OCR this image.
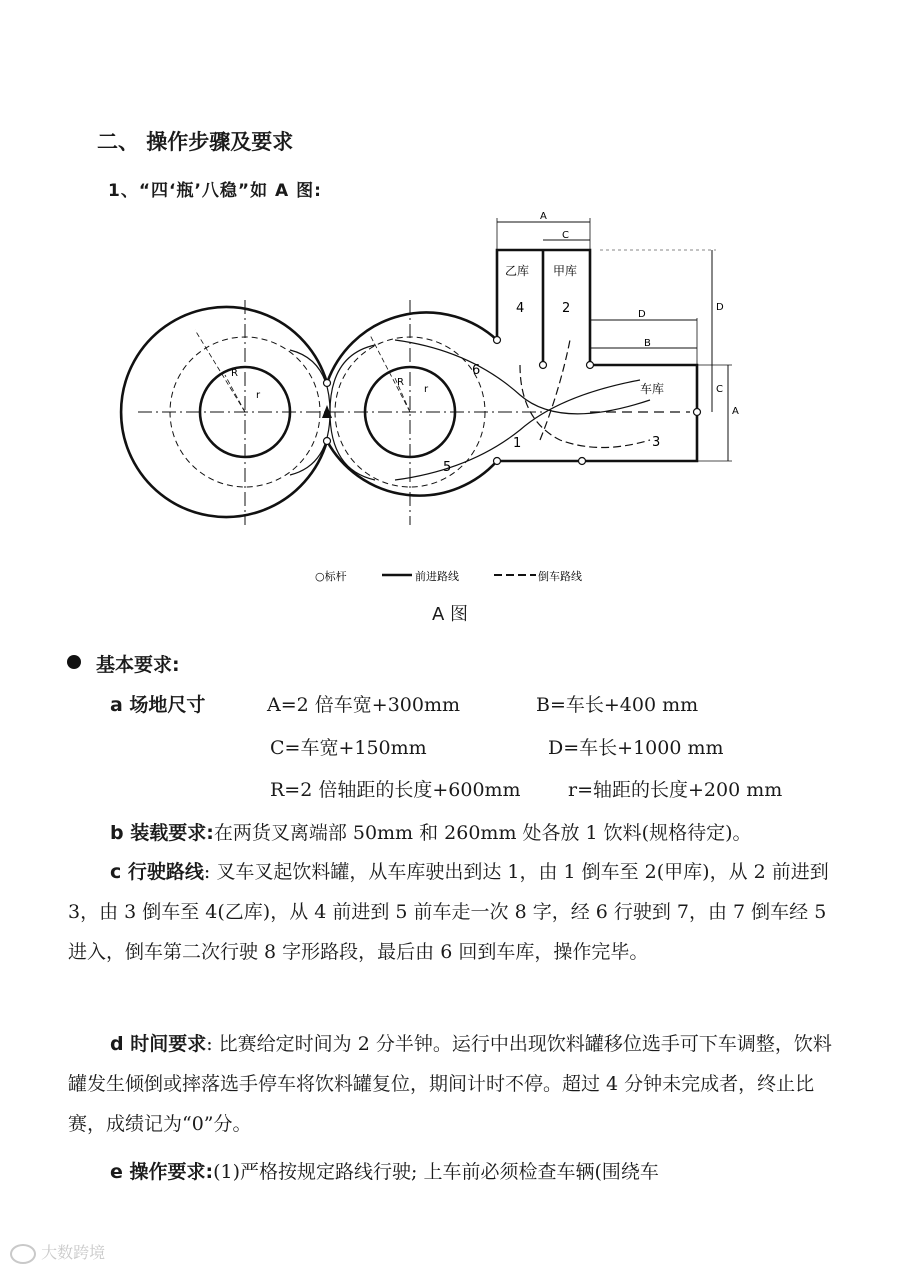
二、 操作步骤及要求
1、“四‘瓶’八稳”如 A 图:
A
C
D
B
D
C
A
乙库 甲库
车库
1
2
3
4
5
6
R
r
R
r
○标杆	前进路线	倒车路线
A 图
基本要求:
a 场地尺寸	A=2 倍车宽+300mm	B=车长+400 mm
C=车宽+150mm	D=车长+1000 mm
R=2 倍轴距的长度+600mm r=轴距的长度+200 mm
b 装载要求:在两货叉离端部 50mm 和 260mm 处各放 1 饮料(规格待定)。
c 行驶路线: 叉车叉起饮料罐，从车库驶出到达 1，由 1 倒车至 2(甲库)，从 2 前进到 3，由 3 倒车至 4(乙库)，从 4 前进到 5 前车走一次 8 字，经 6 行驶到 7，由 7 倒车经 5 进入，倒车第二次行驶 8 字形路段，最后由 6 回到车库，操作完毕。
d 时间要求: 比赛给定时间为 2 分半钟。运行中出现饮料罐移位选手可下车调整，饮料罐发生倾倒或摔落选手停车将饮料罐复位，期间计时不停。超过 4 分钟未完成者，终止比赛，成绩记为“0”分。
e 操作要求:(1)严格按规定路线行驶; 上车前必须检查车辆(围绕车
大数跨境
